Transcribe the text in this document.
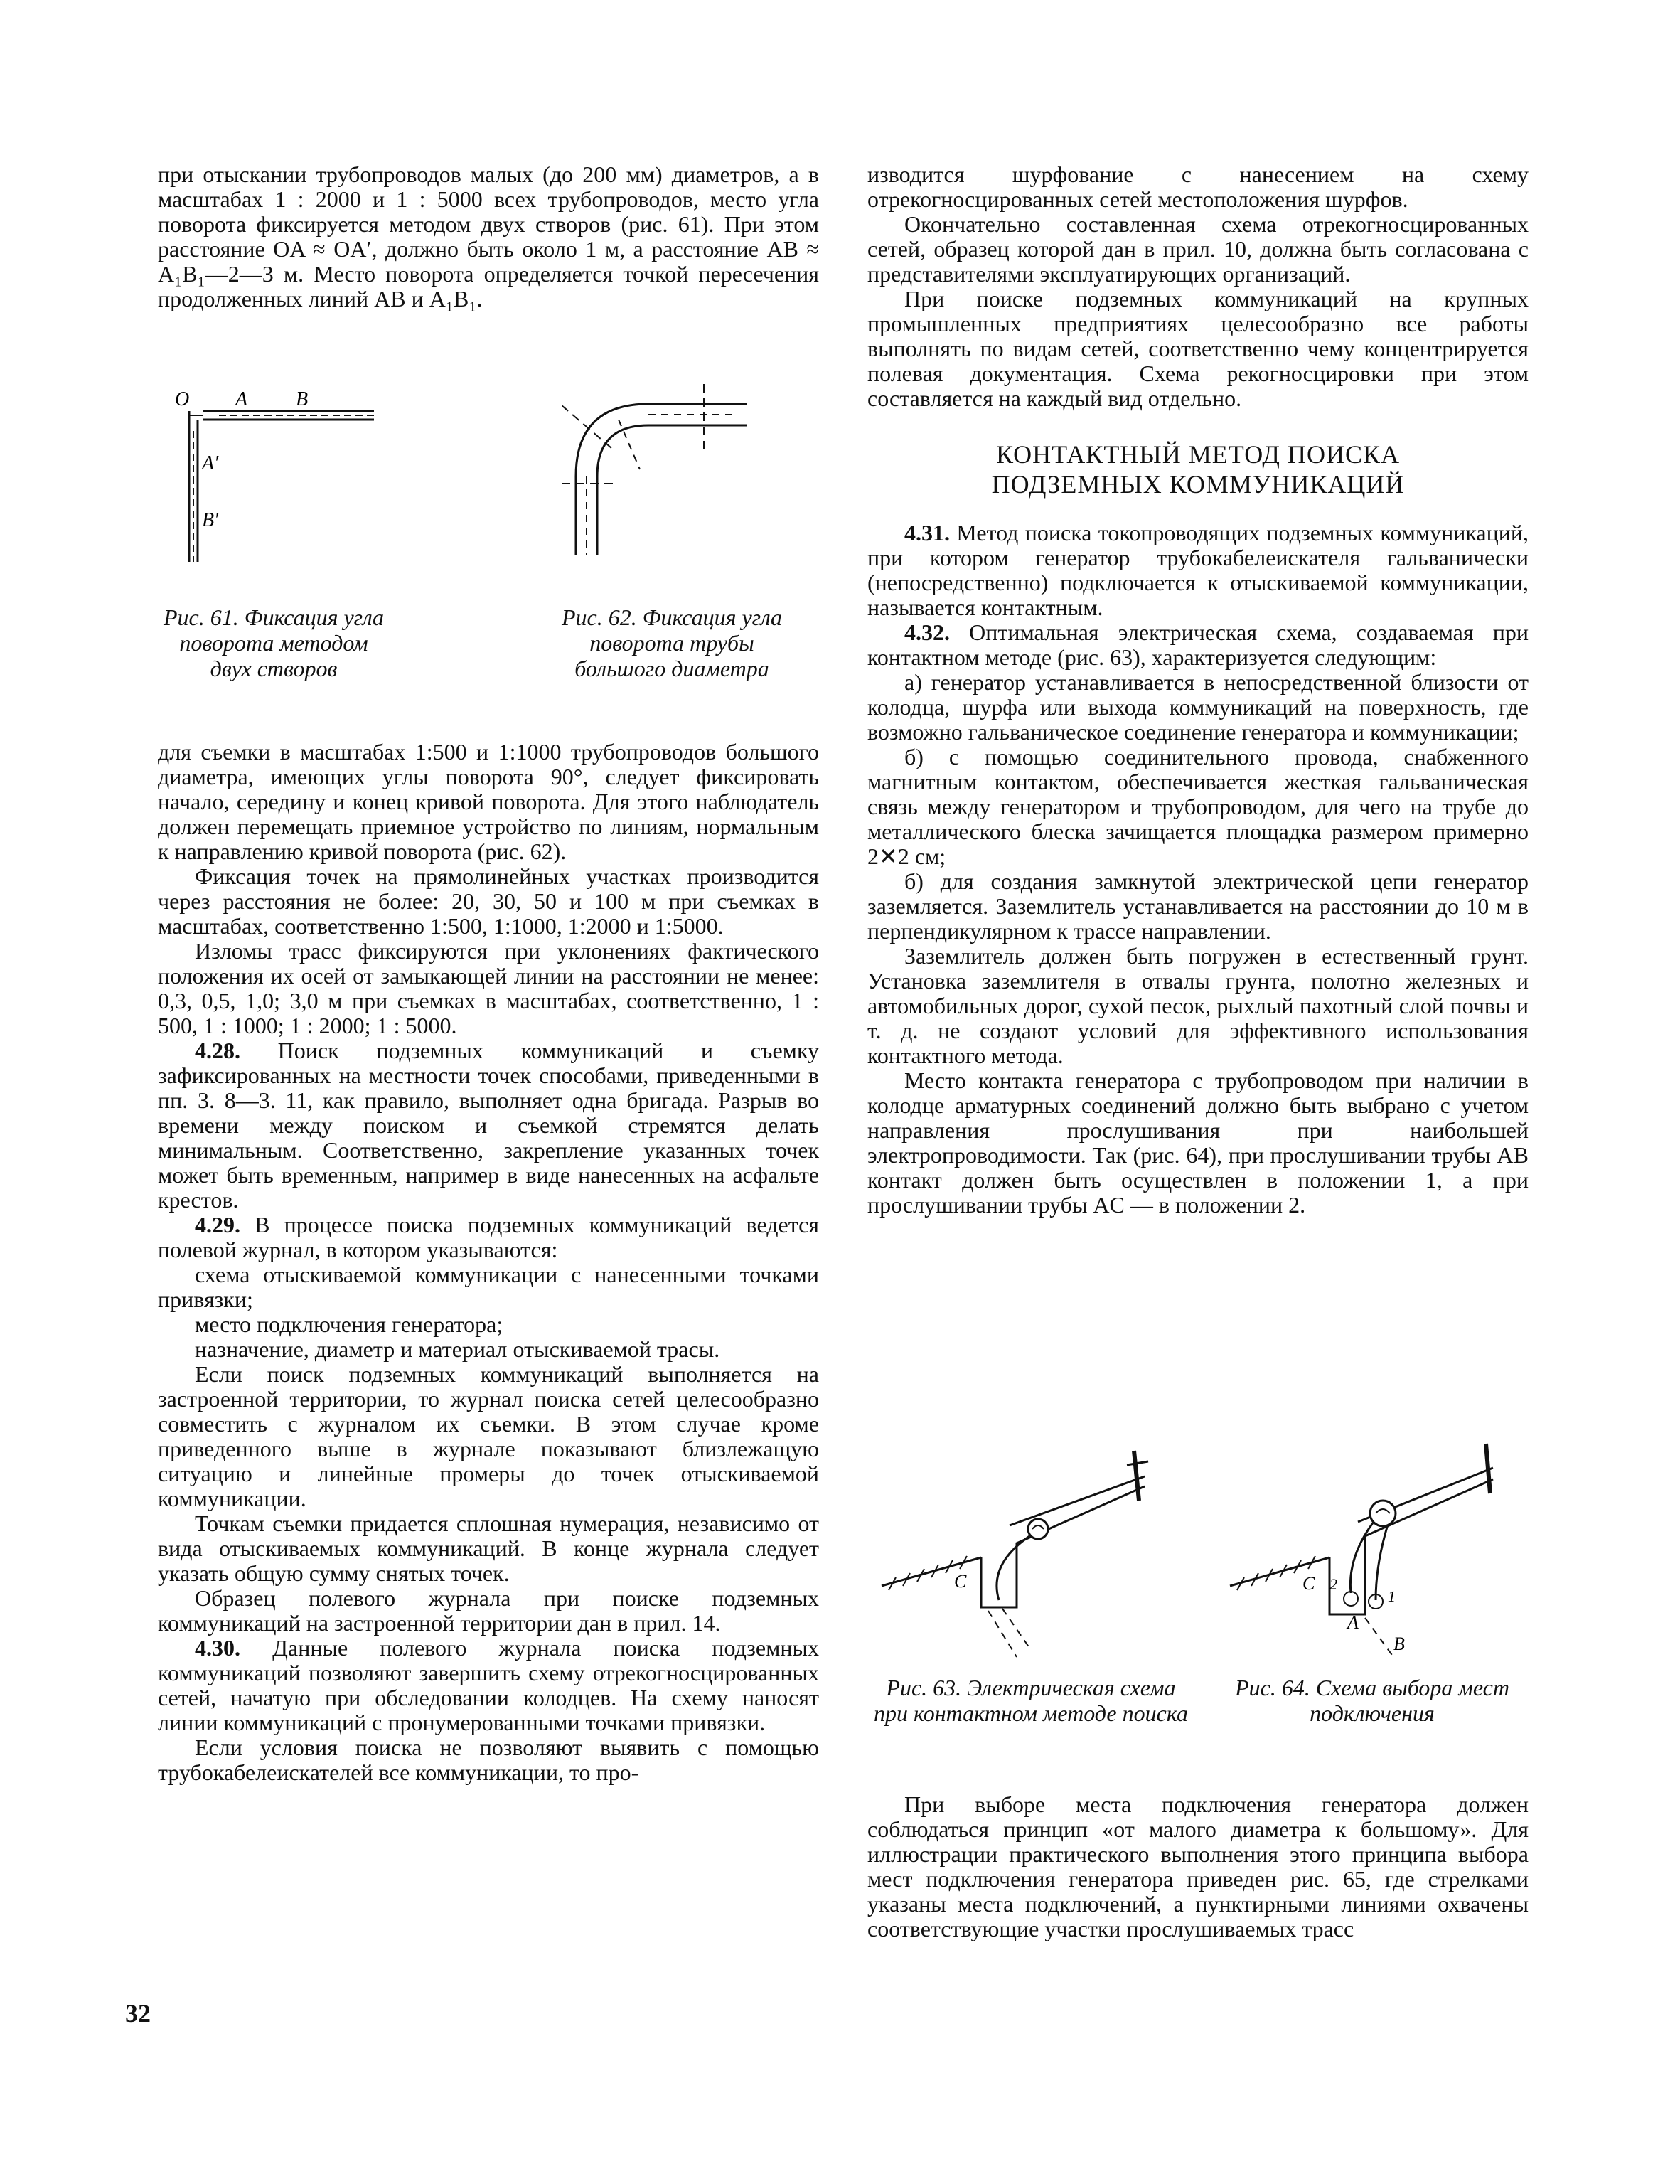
при отыскании трубопроводов малых (до 200 мм) диаметров, а в масштабах 1 : 2000 и 1 : 5000 всех трубопроводов, место угла поворота фиксируется методом двух створов (рис. 61). При этом расстояние OA ≈ OA′, должно быть около 1 м, а расстояние AB ≈ A₁B₁—2—3 м. Место поворота определяется точкой пересечения продолженных линий AB и A₁B₁.

O A B
A′
B′
Рис. 61. Фиксация угла поворота методом двух створов
Рис. 62. Фиксация угла поворота трубы большого диаметра

для съемки в масштабах 1:500 и 1:1000 трубопроводов большого диаметра, имеющих углы поворота 90°, следует фиксировать начало, середину и конец кривой поворота. Для этого наблюдатель должен перемещать приемное устройство по линиям, нормальным к направлению кривой поворота (рис. 62).

Фиксация точек на прямолинейных участках производится через расстояния не более: 20, 30, 50 и 100 м при съемках в масштабах, соответственно 1:500, 1:1000, 1:2000 и 1:5000.

Изломы трасс фиксируются при уклонениях фактического положения их осей от замыкающей линии на расстоянии не менее: 0,3, 0,5, 1,0; 3,0 м при съемках в масштабах, соответственно, 1 : 500, 1 : 1000; 1 : 2000; 1 : 5000.

4.28. Поиск подземных коммуникаций и съемку зафиксированных на местности точек способами, приведенными в пп. 3. 8—3. 11, как правило, выполняет одна бригада. Разрыв во времени между поиском и съемкой стремятся делать минимальным. Соответственно, закрепление указанных точек может быть временным, например в виде нанесенных на асфальте крестов.

4.29. В процессе поиска подземных коммуникаций ведется полевой журнал, в котором указываются:

схема отыскиваемой коммуникации с нанесенными точками привязки;

место подключения генератора;

назначение, диаметр и материал отыскиваемой трасы.

Если поиск подземных коммуникаций выполняется на застроенной территории, то журнал поиска сетей целесообразно совместить с журналом их съемки. В этом случае кроме приведенного выше в журнале показывают близлежащую ситуацию и линейные промеры до точек отыскиваемой коммуникации.

Точкам съемки придается сплошная нумерация, независимо от вида отыскиваемых коммуникаций. В конце журнала следует указать общую сумму снятых точек.

Образец полевого журнала при поиске подземных коммуникаций на застроенной территории дан в прил. 14.

4.30. Данные полевого журнала поиска подземных коммуникаций позволяют завершить схему отрекогносцированных сетей, начатую при обследовании колодцев. На схему наносят линии коммуникаций с пронумерованными точками привязки.

Если условия поиска не позволяют выявить с помощью трубокабелеискателей все коммуникации, то про-

изводится шурфование с нанесением на схему отрекогносцированных сетей местоположения шурфов.

Окончательно составленная схема отрекогносцированных сетей, образец которой дан в прил. 10, должна быть согласована с представителями эксплуатирующих организаций.

При поиске подземных коммуникаций на крупных промышленных предприятиях целесообразно все работы выполнять по видам сетей, соответственно чему концентрируется полевая документация. Схема рекогносцировки при этом составляется на каждый вид отдельно.

КОНТАКТНЫЙ МЕТОД ПОИСКА
ПОДЗЕМНЫХ КОММУНИКАЦИЙ

4.31. Метод поиска токопроводящих подземных коммуникаций, при котором генератор трубокабелеискателя гальванически (непосредственно) подключается к отыскиваемой коммуникации, называется контактным.

4.32. Оптимальная электрическая схема, создаваемая при контактном методе (рис. 63), характеризуется следующим:

а) генератор устанавливается в непосредственной близости от колодца, шурфа или выхода коммуникаций на поверхность, где возможно гальваническое соединение генератора и коммуникации;

б) с помощью соединительного провода, снабженного магнитным контактом, обеспечивается жесткая гальваническая связь между генератором и трубопроводом, для чего на трубе до металлического блеска зачищается площадка размером примерно 2✕2 см;

б) для создания замкнутой электрической цепи генератор заземляется. Заземлитель устанавливается на расстоянии до 10 м в перпендикулярном к трассе направлении.

Заземлитель должен быть погружен в естественный грунт. Установка заземлителя в отвалы грунта, полотно железных и автомобильных дорог, сухой песок, рыхлый пахотный слой почвы и т. д. не создают условий для эффективного использования контактного метода.

Место контакта генератора с трубопроводом при наличии в колодце арматурных соединений должно быть выбрано с учетом направления прослушивания при наибольшей электропроводимости. Так (рис. 64), при прослушивании трубы AB контакт должен быть осуществлен в положении 1, а при прослушивании трубы AC — в положении 2.

C
Рис. 63. Электрическая схема при контактном методе поиска
C 2
1
A
B
Рис. 64. Схема выбора мест подключения

При выборе места подключения генератора должен соблюдаться принцип «от малого диаметра к большому». Для иллюстрации практического выполнения этого принципа выбора мест подключения генератора приведен рис. 65, где стрелками указаны места подключений, а пунктирными линиями охвачены соответствующие участки прослушиваемых трасс

32
